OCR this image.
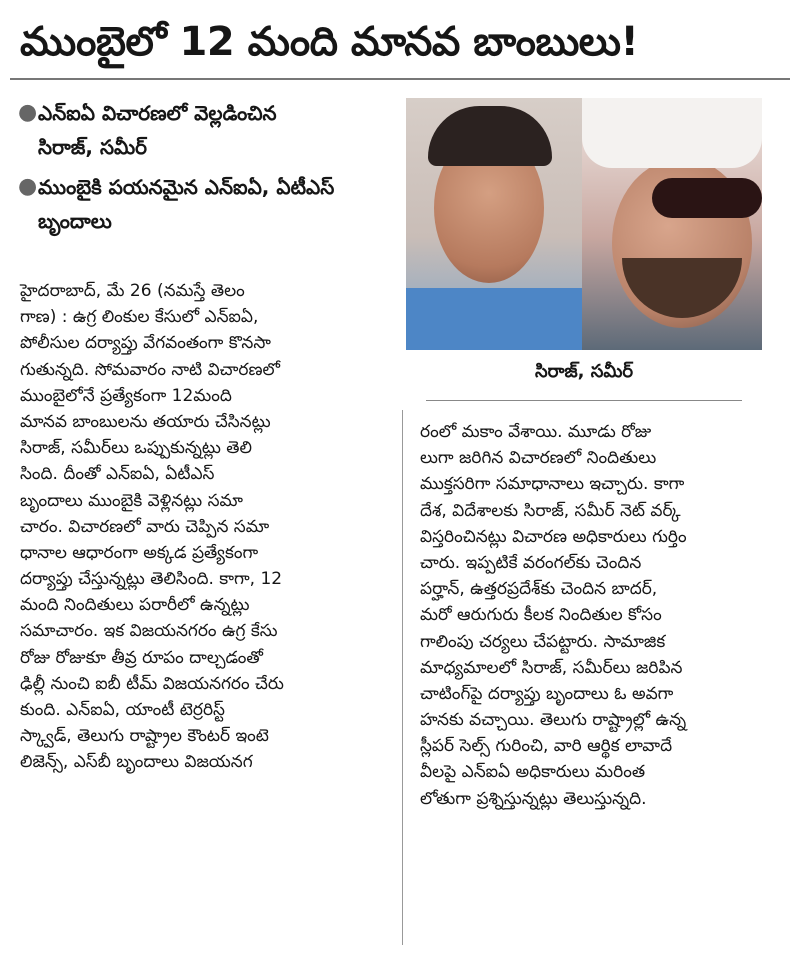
ముంబైలో 12 మంది మానవ బాంబులు!
● ఎన్ఐఏ విచారణలో వెల్లడించిన సిరాజ్, సమీర్
● ముంబైకి పయనమైన ఎన్ఐఏ, ఏటీఎస్ బృందాలు
సిరాజ్, సమీర్
హైదరాబాద్, మే 26 (నమస్తే తెలం
గాణ) : ఉగ్ర లింకుల కేసులో ఎన్ఐఏ,
పోలీసుల దర్యాప్తు వేగవంతంగా కొనసా
గుతున్నది. సోమవారం నాటి విచారణలో
ముంబైలోనే ప్రత్యేకంగా 12మంది
మానవ బాంబులను తయారు చేసినట్లు
సిరాజ్, సమీర్‌లు ఒప్పుకున్నట్లు తెలి
సింది. దీంతో ఎన్ఐఏ, ఏటీఎస్
బృందాలు ముంబైకి వెళ్లినట్లు సమా
చారం. విచారణలో వారు చెప్పిన సమా
ధానాల ఆధారంగా అక్కడ ప్రత్యేకంగా
దర్యాప్తు చేస్తున్నట్లు తెలిసింది. కాగా, 12
మంది నిందితులు పరారీలో ఉన్నట్లు
సమాచారం. ఇక విజయనగరం ఉగ్ర కేసు
రోజు రోజుకూ తీవ్ర రూపం దాల్చడంతో
ఢిల్లీ నుంచి ఐబీ టీమ్ విజయనగరం చేరు
కుంది. ఎన్ఐఏ, యాంటీ టెర్రరిస్ట్
స్క్వాడ్, తెలుగు రాష్ట్రాల కౌంటర్ ఇంటె
లిజెన్స్, ఎస్‌బీ బృందాలు విజయనగ
రంలో మకాం వేశాయి. మూడు రోజు
లుగా జరిగిన విచారణలో నిందితులు
ముక్తసరిగా సమాధానాలు ఇచ్చారు. కాగా
దేశ, విదేశాలకు సిరాజ్, సమీర్ నెట్ వర్క్
విస్తరించినట్లు విచారణ అధికారులు గుర్తిం
చారు. ఇప్పటికే వరంగల్‌కు చెందిన
పర్హాన్, ఉత్తరప్రదేశ్‌కు చెందిన బాదర్,
మరో ఆరుగురు కీలక నిందితుల కోసం
గాలింపు చర్యలు చేపట్టారు. సామాజిక
మాధ్యమాలలో సిరాజ్, సమీర్‌లు జరిపిన
చాటింగ్‌పై దర్యాప్తు బృందాలు ఓ అవగా
హనకు వచ్చాయి. తెలుగు రాష్ట్రాల్లో ఉన్న
స్లీపర్ సెల్స్ గురించి, వారి ఆర్థిక లావాదే
వీలపై ఎన్ఐఏ అధికారులు మరింత
లోతుగా ప్రశ్నిస్తున్నట్లు తెలుస్తున్నది.
